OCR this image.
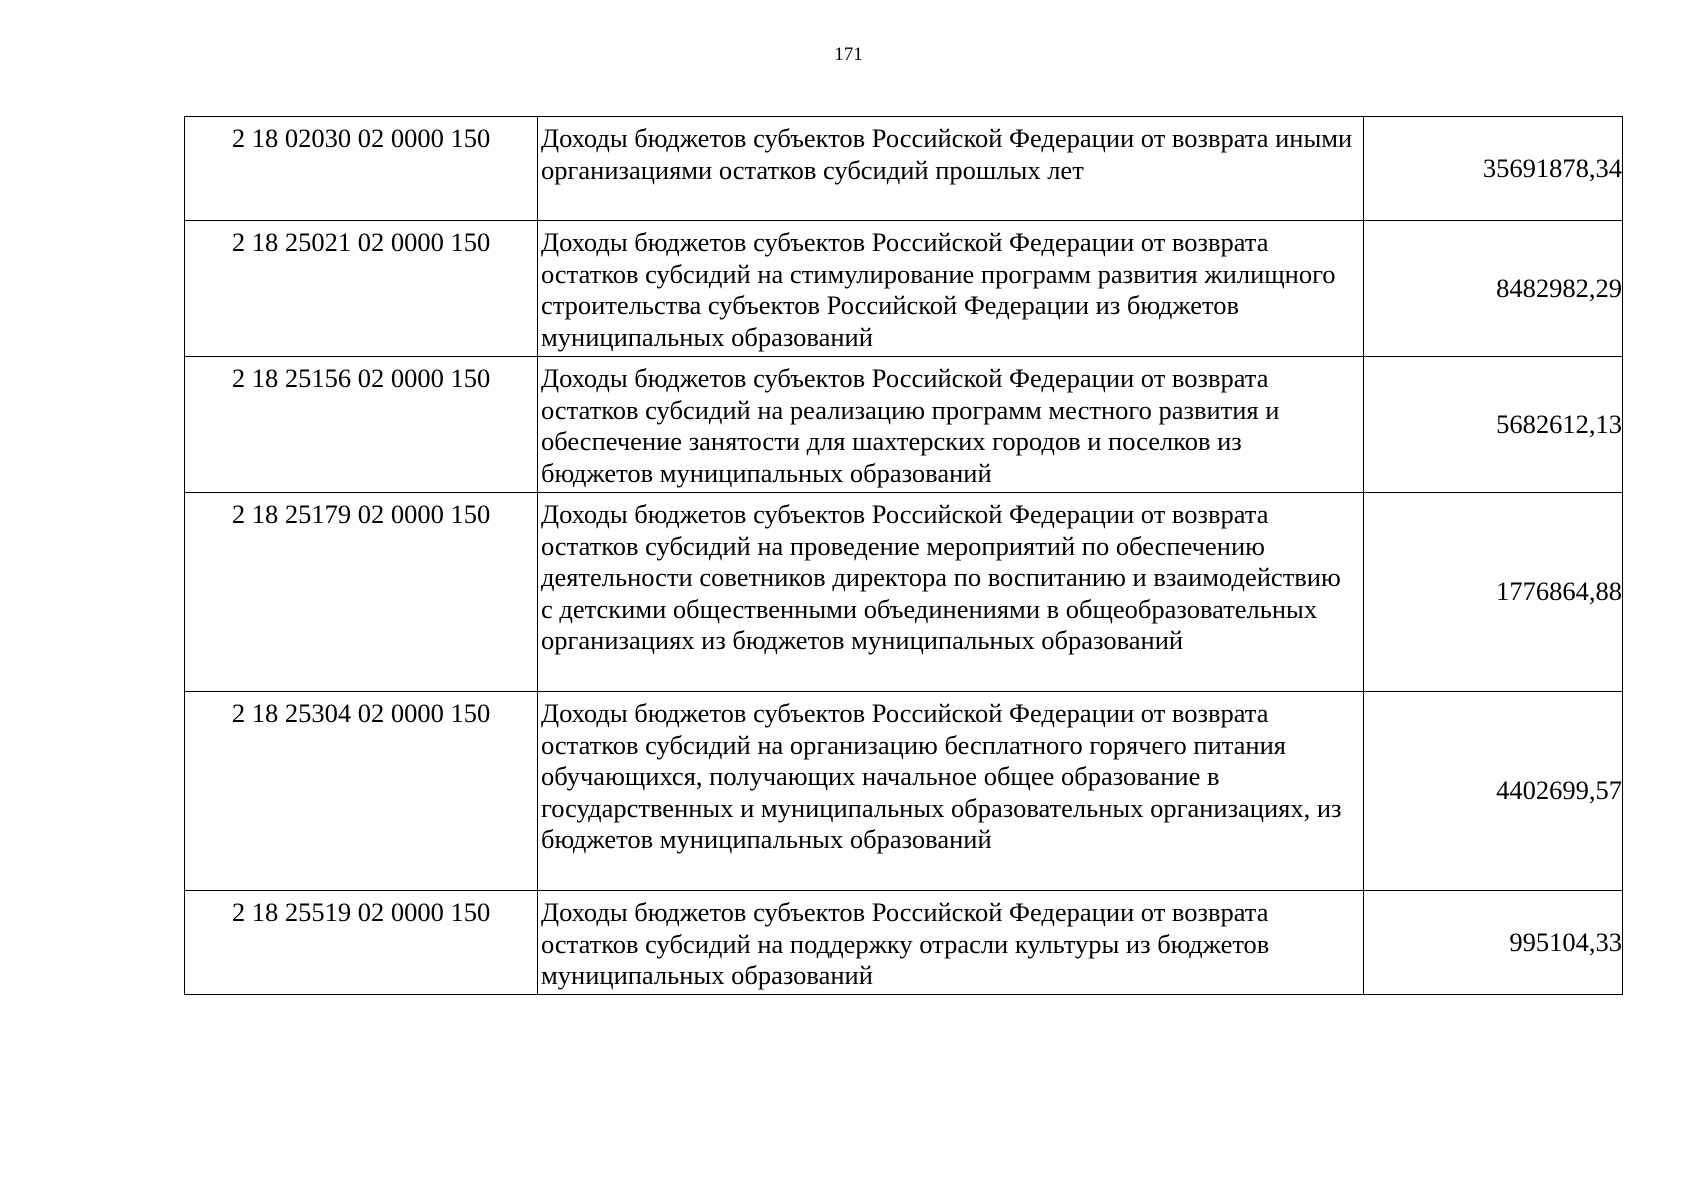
171
2 18 02030 02 0000 150	Доходы бюджетов субъектов Российской Федерации от возврата иными организациями остатков субсидий прошлых лет	35691878,34
2 18 25021 02 0000 150	Доходы бюджетов субъектов Российской Федерации от возврата остатков субсидий на стимулирование программ развития жилищного строительства субъектов Российской Федерации из бюджетов муниципальных образований	8482982,29
2 18 25156 02 0000 150	Доходы бюджетов субъектов Российской Федерации от возврата остатков субсидий на реализацию программ местного развития и обеспечение занятости для шахтерских городов и поселков из бюджетов муниципальных образований	5682612,13
2 18 25179 02 0000 150	Доходы бюджетов субъектов Российской Федерации от возврата остатков субсидий на проведение мероприятий по обеспечению деятельности советников директора по воспитанию и взаимодействию с детскими общественными объединениями в общеобразовательных организациях из бюджетов муниципальных образований	1776864,88
2 18 25304 02 0000 150	Доходы бюджетов субъектов Российской Федерации от возврата остатков субсидий на организацию бесплатного горячего питания обучающихся, получающих начальное общее образование в государственных и муниципальных образовательных организациях, из бюджетов муниципальных образований	4402699,57
2 18 25519 02 0000 150	Доходы бюджетов субъектов Российской Федерации от возврата остатков субсидий на поддержку отрасли культуры из бюджетов муниципальных образований	995104,33
